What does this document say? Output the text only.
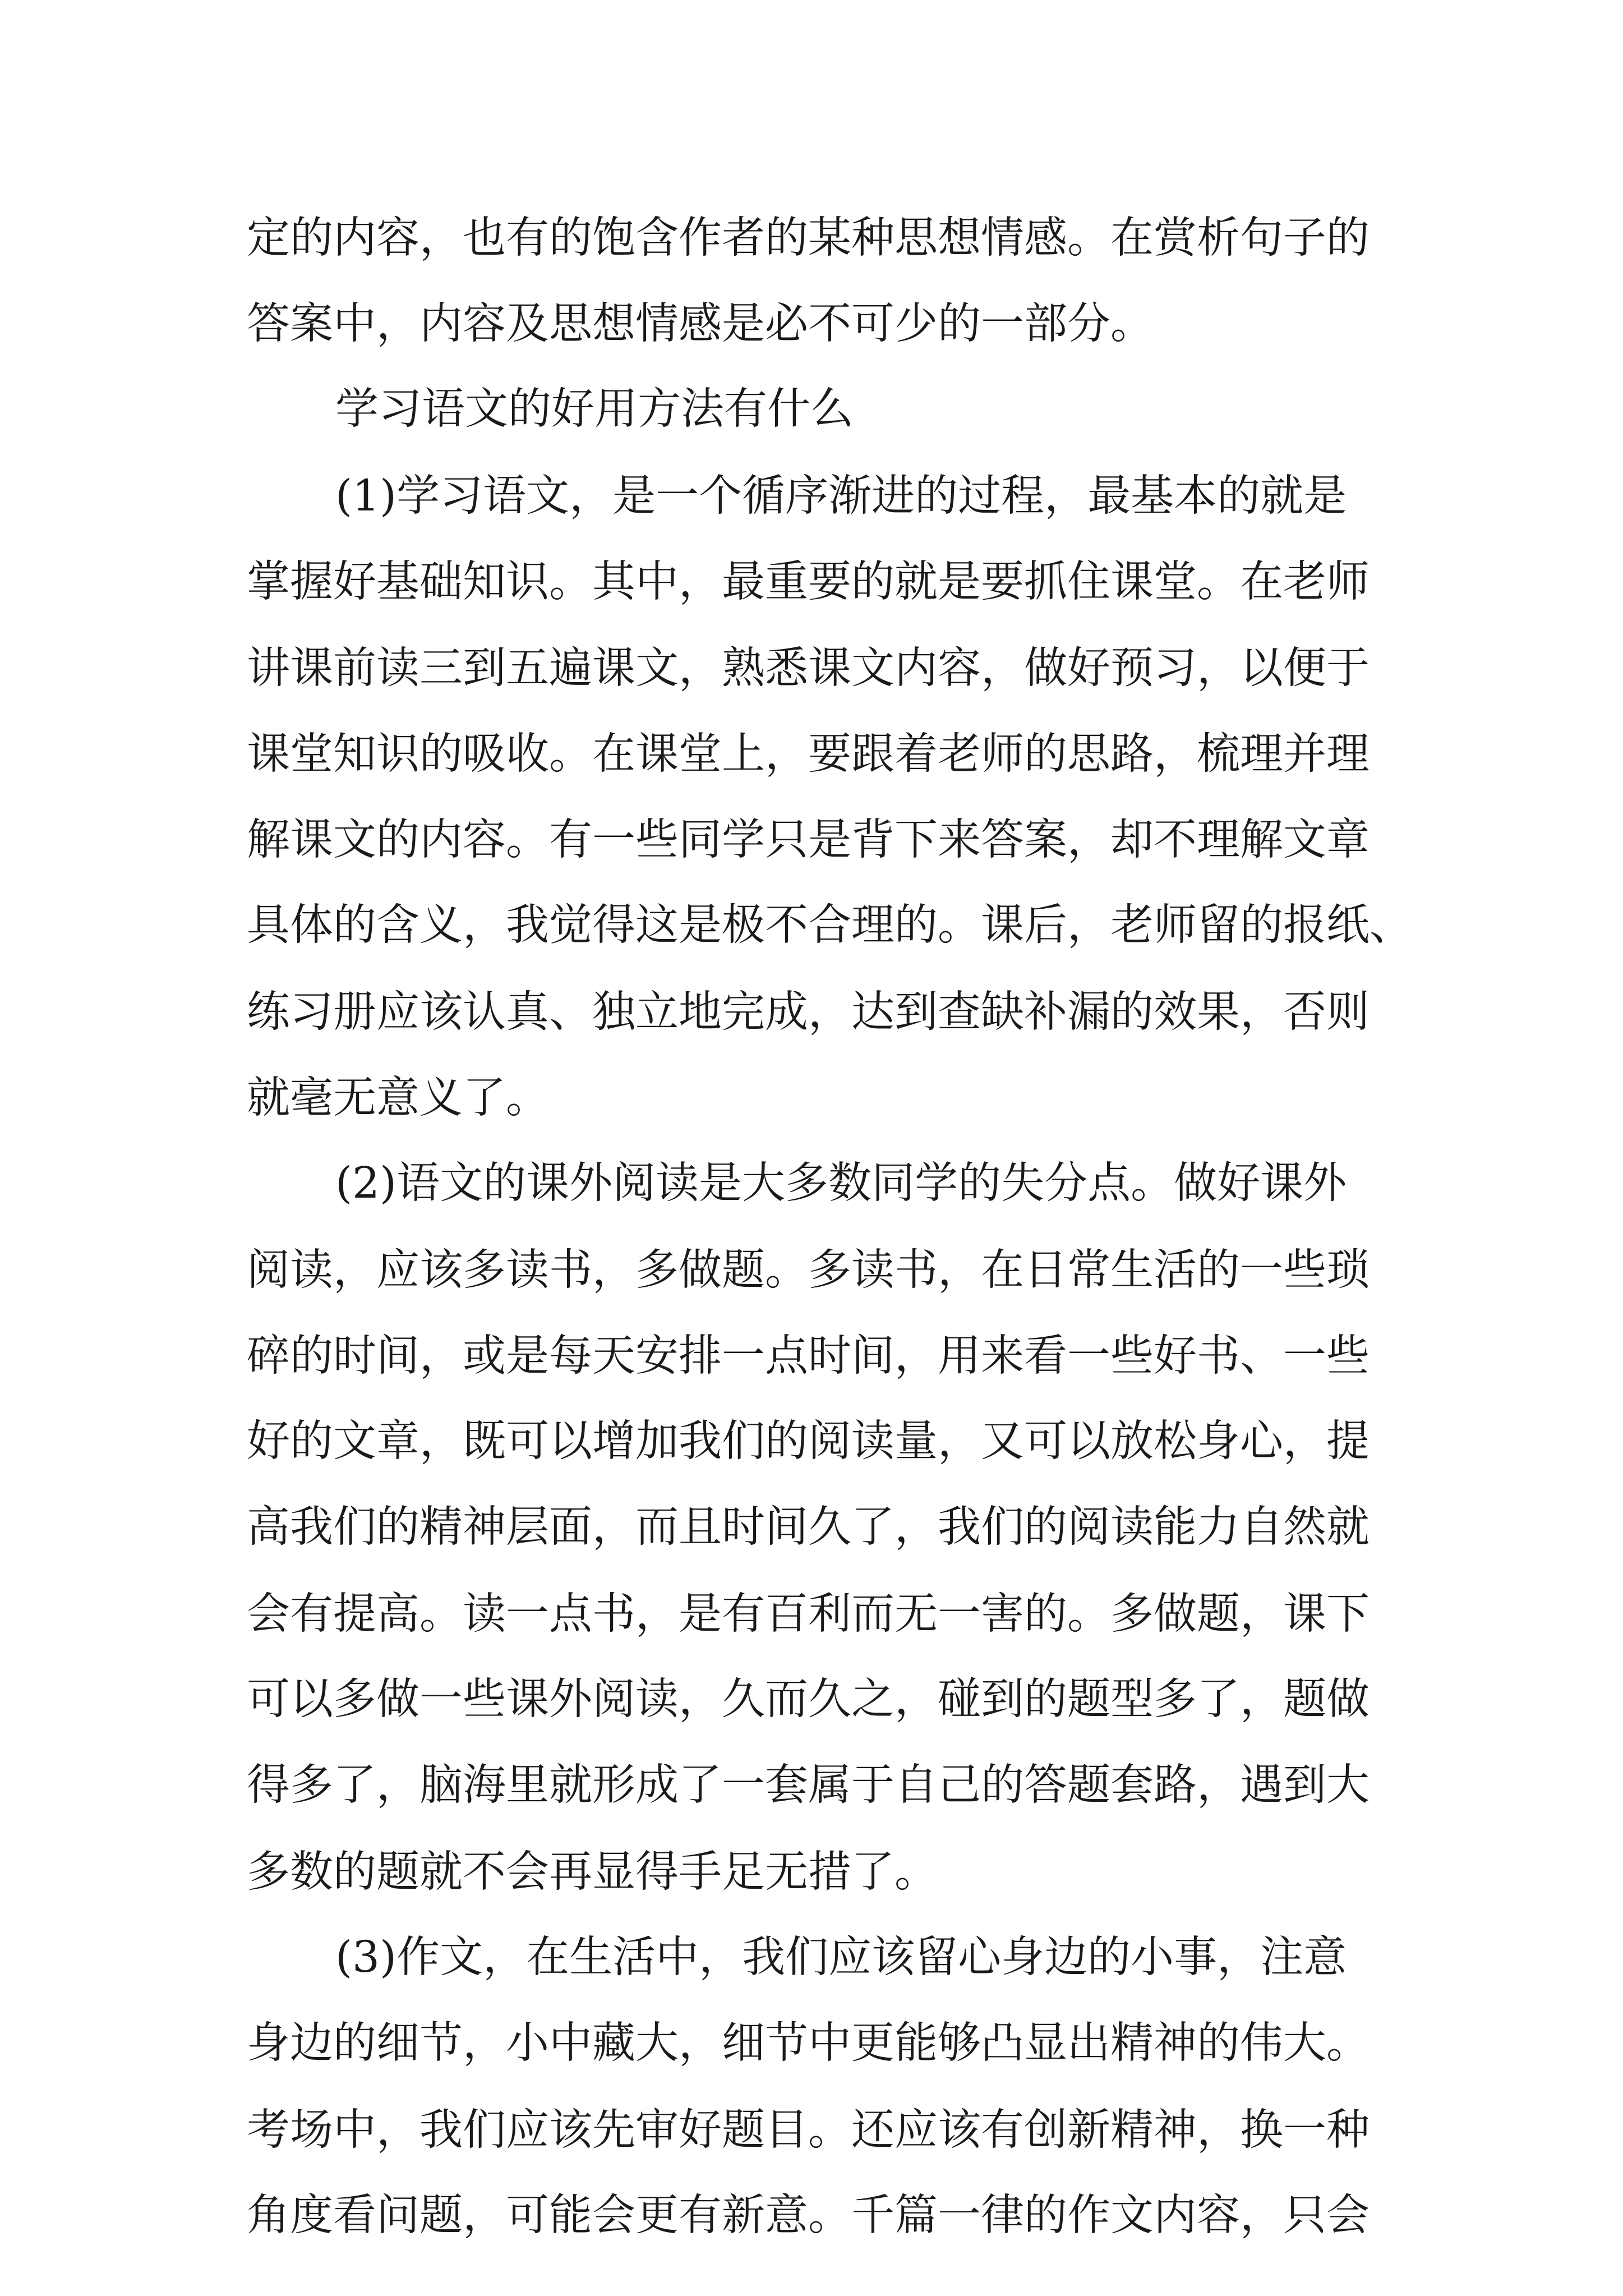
定的内容，也有的饱含作者的某种思想情感。在赏析句子的

答案中，内容及思想情感是必不可少的一部分。

学习语文的好用方法有什么

(1)学习语文，是一个循序渐进的过程，最基本的就是

掌握好基础知识。其中，最重要的就是要抓住课堂。在老师

讲课前读三到五遍课文，熟悉课文内容，做好预习，以便于

课堂知识的吸收。在课堂上，要跟着老师的思路，梳理并理

解课文的内容。有一些同学只是背下来答案，却不理解文章

具体的含义，我觉得这是极不合理的。课后，老师留的报纸、

练习册应该认真、独立地完成，达到查缺补漏的效果，否则

就毫无意义了。

(2)语文的课外阅读是大多数同学的失分点。做好课外

阅读，应该多读书，多做题。多读书，在日常生活的一些琐

碎的时间，或是每天安排一点时间，用来看一些好书、一些

好的文章，既可以增加我们的阅读量，又可以放松身心，提

高我们的精神层面，而且时间久了，我们的阅读能力自然就

会有提高。读一点书，是有百利而无一害的。多做题，课下

可以多做一些课外阅读，久而久之，碰到的题型多了，题做

得多了，脑海里就形成了一套属于自己的答题套路，遇到大

多数的题就不会再显得手足无措了。

(3)作文，在生活中，我们应该留心身边的小事，注意

身边的细节，小中藏大，细节中更能够凸显出精神的伟大。

考场中，我们应该先审好题目。还应该有创新精神，换一种

角度看问题，可能会更有新意。千篇一律的作文内容，只会
